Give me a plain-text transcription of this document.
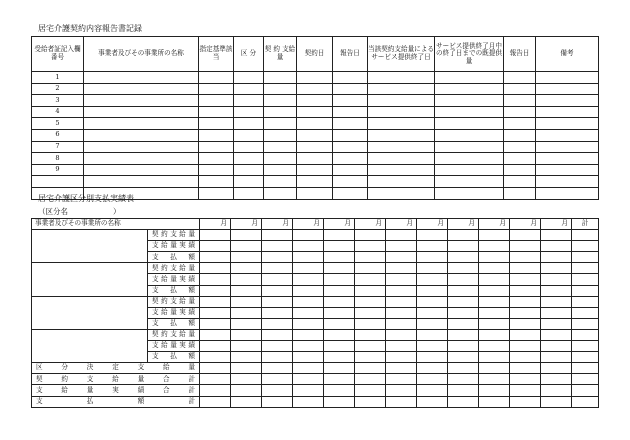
居宅介護契約内容報告書記録
受給者証記入欄番号	事業者及びその事業所の名称	指定基準該当	区 分	契 約 支給量	契約日	報告日	当該契約支給量によるサービス提供終了日	サービス提供終了月中の終了日までの既提供量	報告日	備考
1										
2										
3										
4										
5										
6										
7										
8										
9										

居宅介護区分別支払実績表
（区分名　　　　　　）
事業者及びその事業所の名称		月	月	月	月	月	月	月	月	月	月	月	月	計
	契約支給量													
	支給量実績													
	支 払 額													
	契約支給量													
	支給量実績													
	支 払 額													
	契約支給量													
	支給量実績													
	支 払 額													
	契約支給量													
	支給量実績													
	支 払 額													
区分決定支給量														
契約支給量合計														
支給量実績合計														
支払額計														
